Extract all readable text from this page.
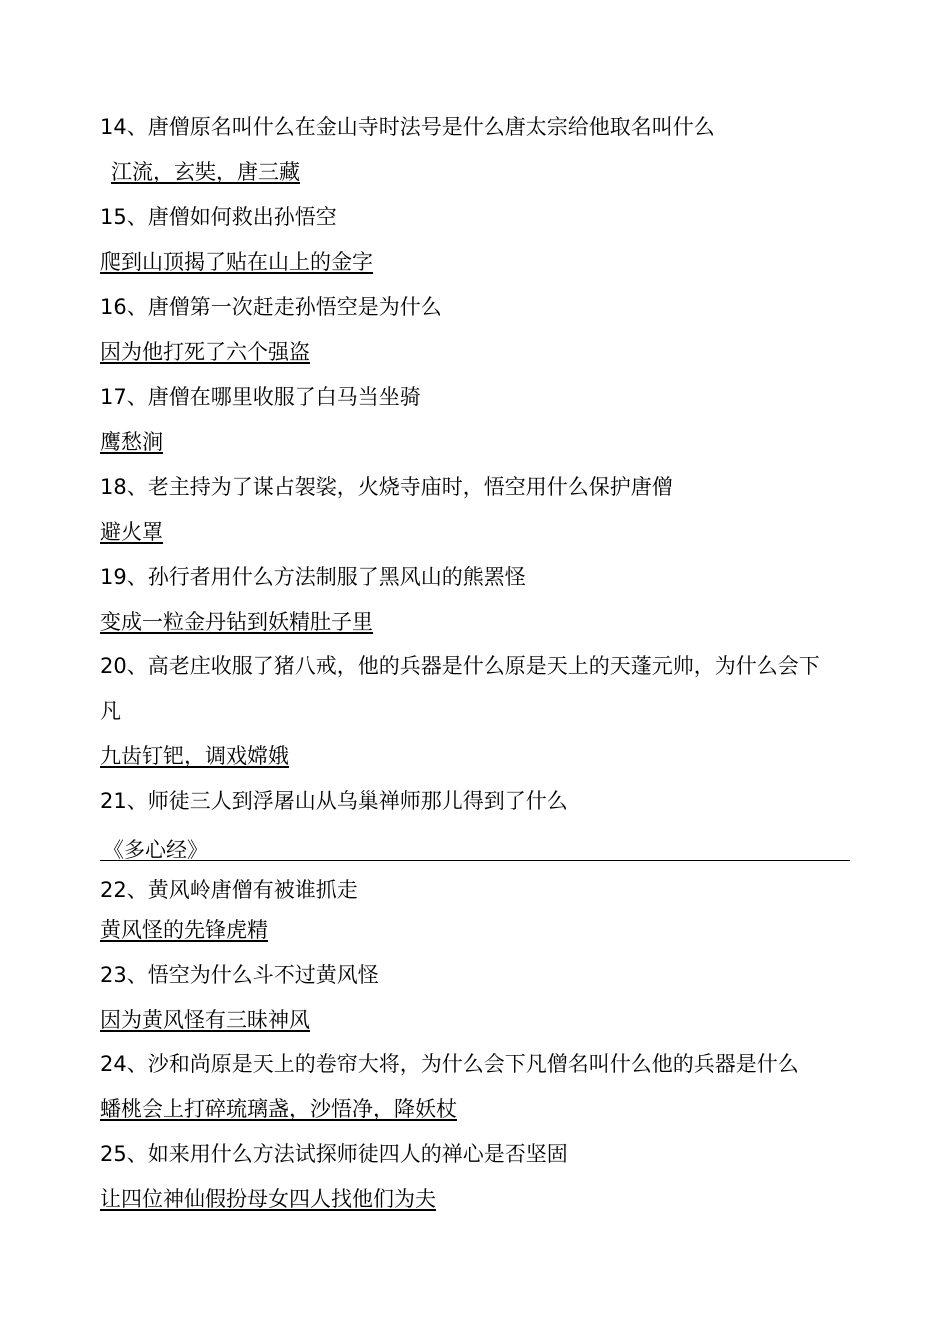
14、唐僧原名叫什么在金山寺时法号是什么唐太宗给他取名叫什么

江流，玄奘，唐三藏

15、唐僧如何救出孙悟空

爬到山顶揭了贴在山上的金字

16、唐僧第一次赶走孙悟空是为什么

因为他打死了六个强盗

17、唐僧在哪里收服了白马当坐骑

鹰愁涧

18、老主持为了谋占袈裟，火烧寺庙时，悟空用什么保护唐僧

避火罩

19、孙行者用什么方法制服了黑风山的熊罴怪

变成一粒金丹钻到妖精肚子里

20、高老庄收服了猪八戒，他的兵器是什么原是天上的天蓬元帅，为什么会下

凡

九齿钉钯，调戏嫦娥

21、师徒三人到浮屠山从乌巢禅师那儿得到了什么

《多心经》

22、黄风岭唐僧有被谁抓走

黄风怪的先锋虎精

23、悟空为什么斗不过黄风怪

因为黄风怪有三昧神风

24、沙和尚原是天上的卷帘大将，为什么会下凡僧名叫什么他的兵器是什么

蟠桃会上打碎琉璃盏，沙悟净，降妖杖

25、如来用什么方法试探师徒四人的禅心是否坚固

让四位神仙假扮母女四人找他们为夫
